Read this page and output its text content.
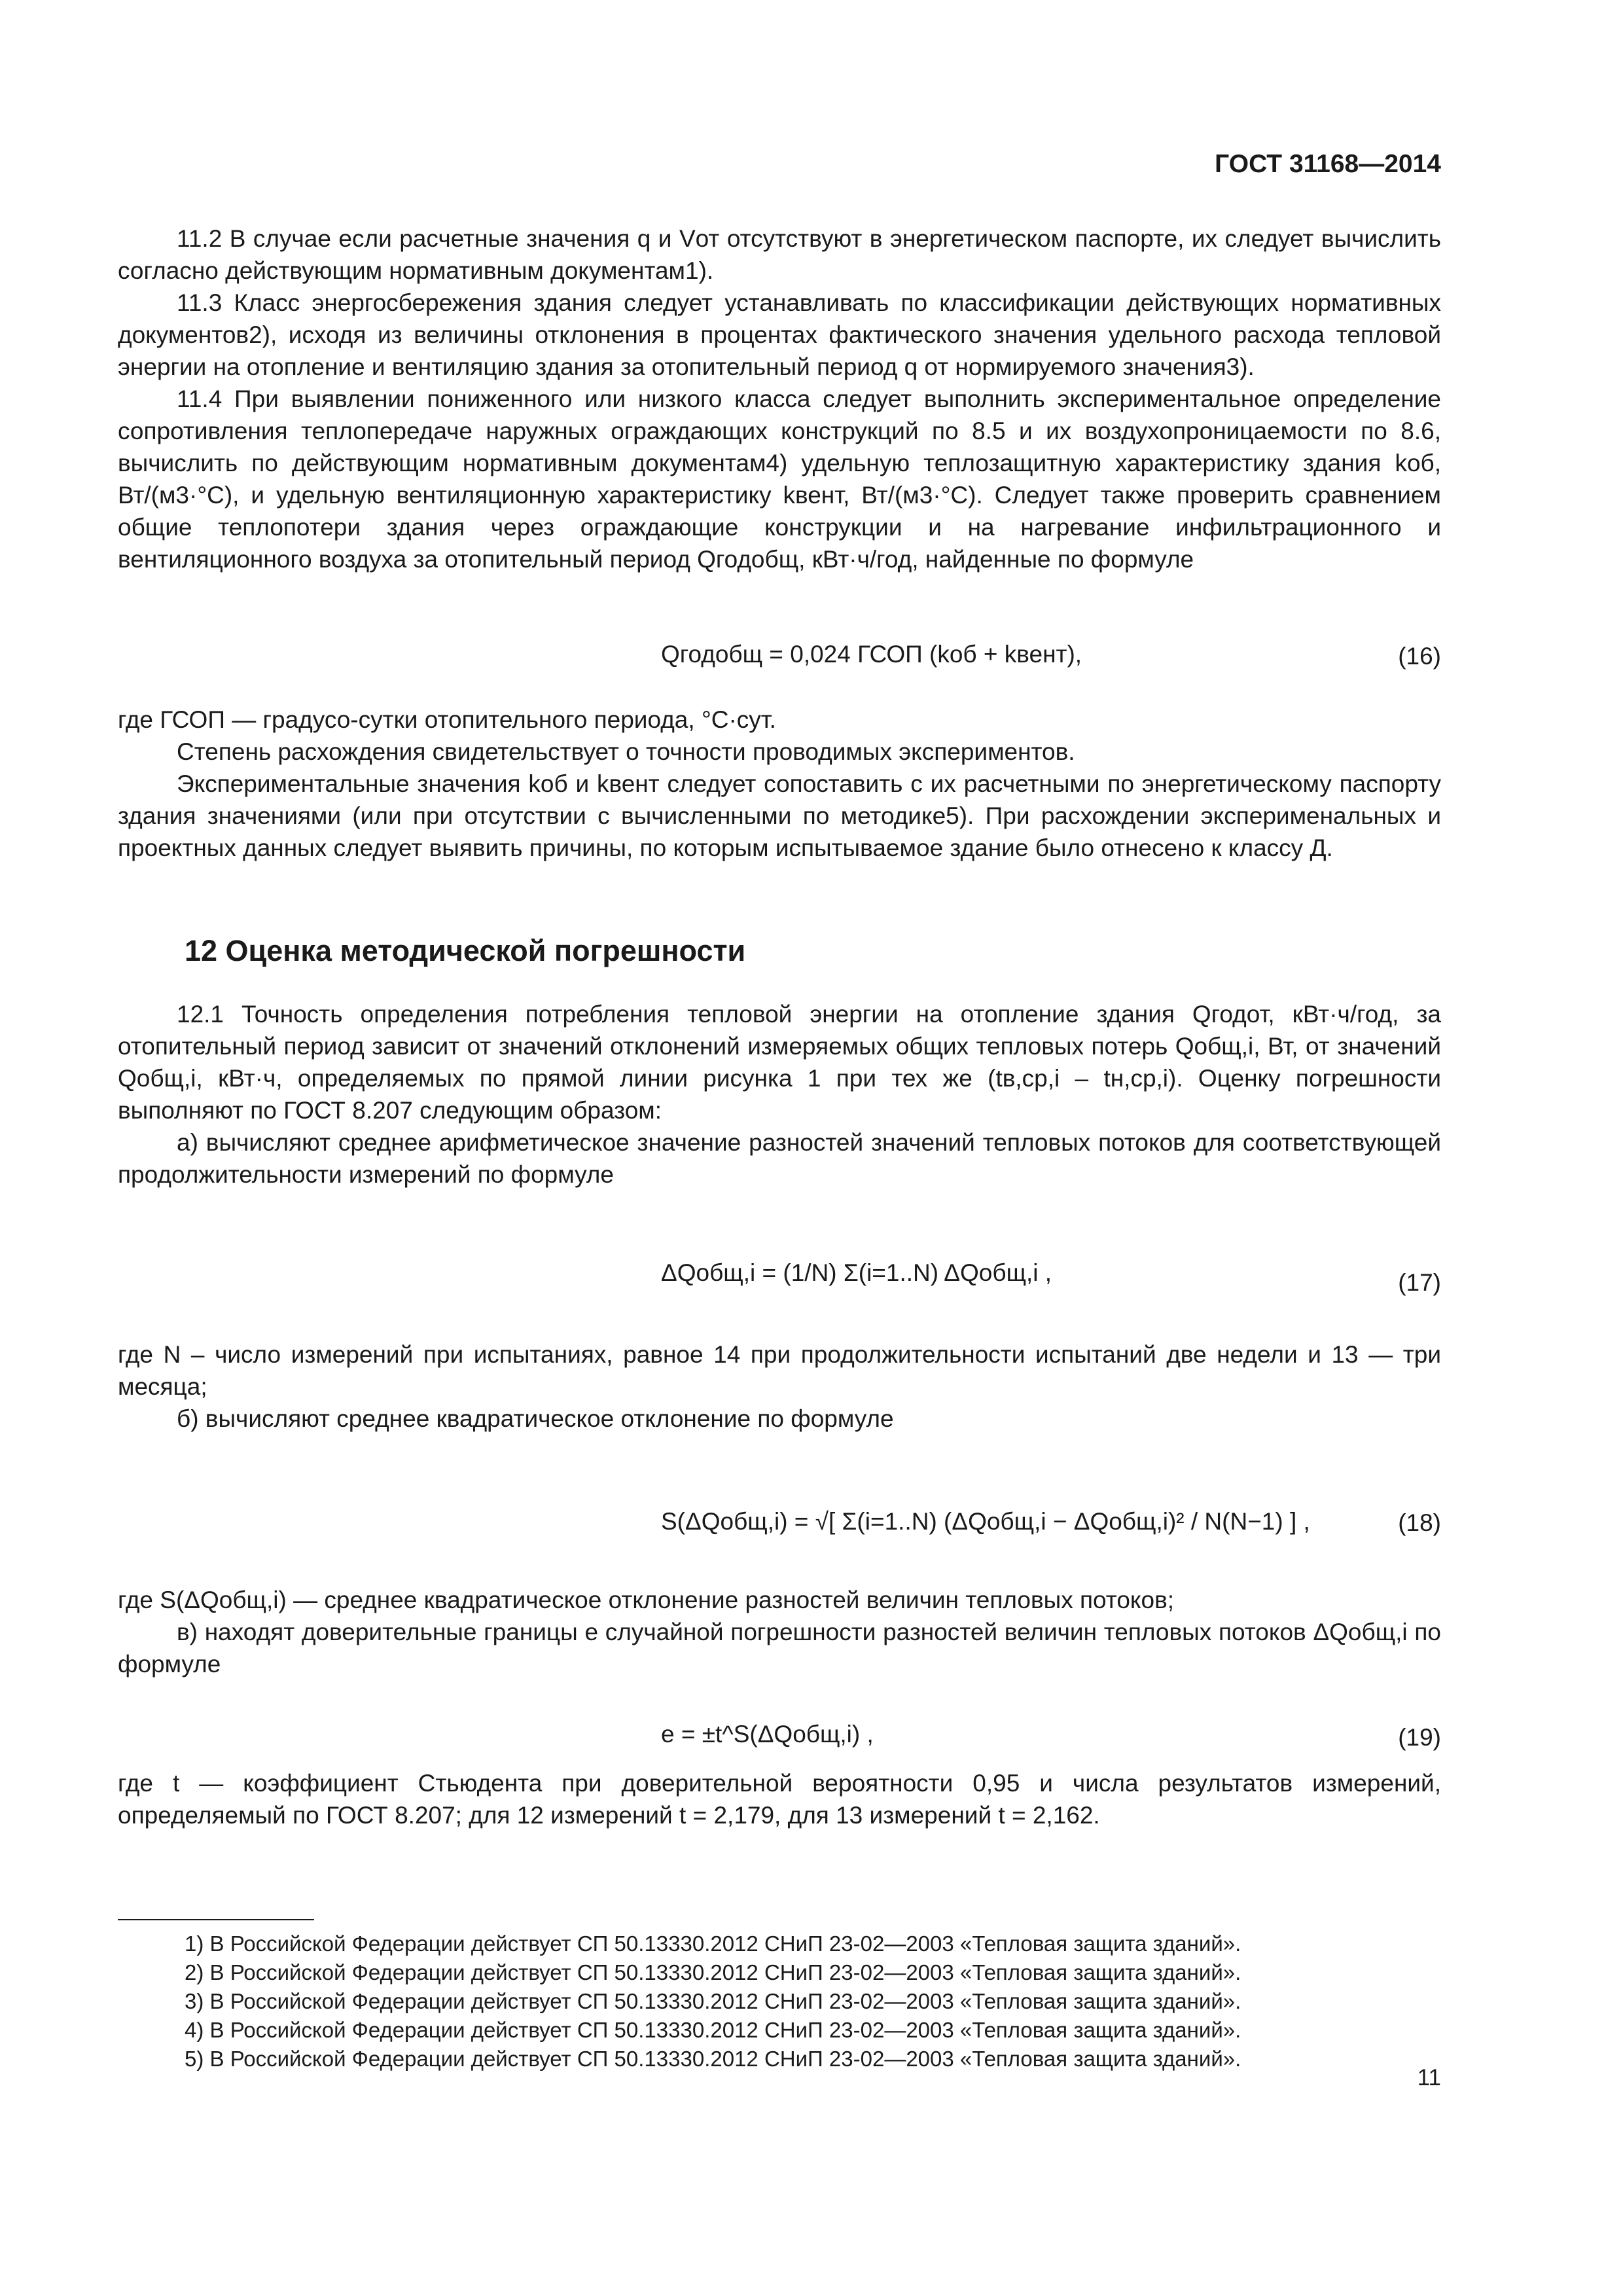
ГОСТ 31168—2014

11.2 В случае если расчетные значения q и Vот отсутствуют в энергетическом паспорте, их следует вычислить согласно действующим нормативным документам1).

11.3 Класс энергосбережения здания следует устанавливать по классификации действующих нормативных документов2), исходя из величины отклонения в процентах фактического значения удельного расхода тепловой энергии на отопление и вентиляцию здания за отопительный период q от нормируемого значения3).

11.4 При выявлении пониженного или низкого класса следует выполнить экспериментальное определение сопротивления теплопередаче наружных ограждающих конструкций по 8.5 и их воздухопроницаемости по 8.6, вычислить по действующим нормативным документам4) удельную теплозащитную характеристику здания kоб, Вт/(м3·°С), и удельную вентиляционную характеристику kвент, Вт/(м3·°С). Следует также проверить сравнением общие теплопотери здания через ограждающие конструкции и на нагревание инфильтрационного и вентиляционного воздуха за отопительный период Qгодобщ, кВт·ч/год, найденные по формуле

Qгодобщ = 0,024 ГСОП (kоб + kвент),	(16)

где ГСОП — градусо-сутки отопительного периода, °С·сут.

Степень расхождения свидетельствует о точности проводимых экспериментов.

Экспериментальные значения kоб и kвент следует сопоставить с их расчетными по энергетическому паспорту здания значениями (или при отсутствии с вычисленными по методике5). При расхождении эксперименальных и проектных данных следует выявить причины, по которым испытываемое здание было отнесено к классу Д.

12 Оценка методической погрешности

12.1 Точность определения потребления тепловой энергии на отопление здания Qгодот, кВт·ч/год, за отопительный период зависит от значений отклонений измеряемых общих тепловых потерь Qобщ,i, Вт, от значений Qобщ,i, кВт·ч, определяемых по прямой линии рисунка 1 при тех же (tв,ср,i – tн,ср,i). Оценку погрешности выполняют по ГОСТ 8.207 следующим образом:

а) вычисляют среднее арифметическое значение разностей значений тепловых потоков для соответствующей продолжительности измерений по формуле

ΔQобщ,i = (1/N) Σ(i=1..N) ΔQобщ,i ,	(17)

где N – число измерений при испытаниях, равное 14 при продолжительности испытаний две недели и 13 — три месяца;

б) вычисляют среднее квадратическое отклонение по формуле

S(ΔQобщ,i) = √[ Σ(i=1..N) (ΔQобщ,i − ΔQобщ,i)² / N(N−1) ] ,	(18)

где S(ΔQобщ,i) — среднее квадратическое отклонение разностей величин тепловых потоков;

в) находят доверительные границы e случайной погрешности разностей величин тепловых потоков ΔQобщ,i по формуле

e = ±t^S(ΔQобщ,i) ,	(19)

где t — коэффициент Стьюдента при доверительной вероятности 0,95 и числа результатов измерений, определяемый по ГОСТ 8.207; для 12 измерений t = 2,179, для 13 измерений t = 2,162.

1) В Российской Федерации действует СП 50.13330.2012 СНиП 23-02—2003 «Тепловая защита зданий».
2) В Российской Федерации действует СП 50.13330.2012 СНиП 23-02—2003 «Тепловая защита зданий».
3) В Российской Федерации действует СП 50.13330.2012 СНиП 23-02—2003 «Тепловая защита зданий».
4) В Российской Федерации действует СП 50.13330.2012 СНиП 23-02—2003 «Тепловая защита зданий».
5) В Российской Федерации действует СП 50.13330.2012 СНиП 23-02—2003 «Тепловая защита зданий».
11
